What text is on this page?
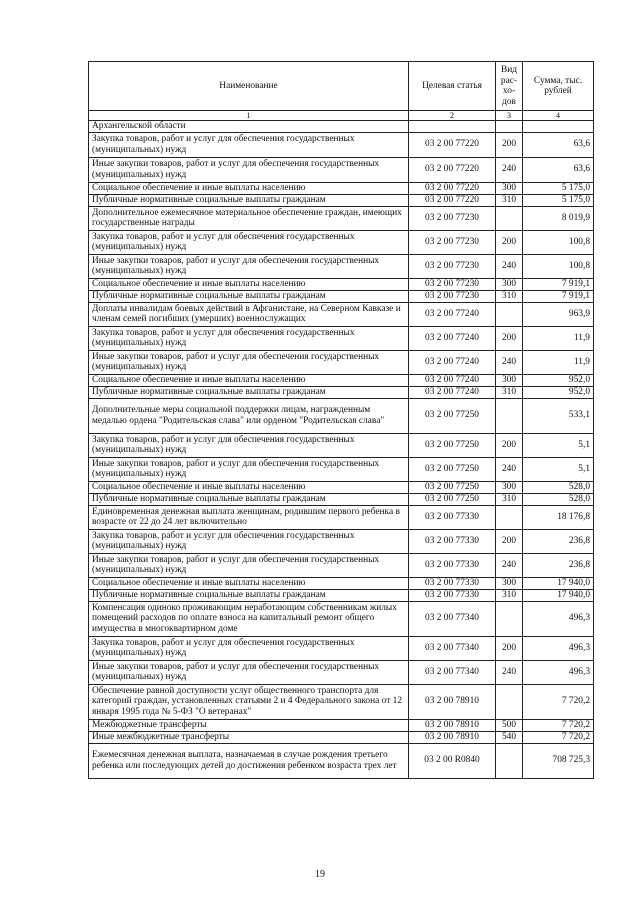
Наименование	Целевая статья	Вид рас-хо-дов	Сумма, тыс. рублей
1	2	3	4
Архангельской области			
Закупка товаров, работ и услуг для обеспечения государственных (муниципальных) нужд	03 2 00 77220	200	63,6
Иные закупки товаров, работ и услуг для обеспечения государственных (муниципальных) нужд	03 2 00 77220	240	63,6
Социальное обеспечение и иные выплаты населению	03 2 00 77220	300	5 175,0
Публичные нормативные социальные выплаты гражданам	03 2 00 77220	310	5 175,0
Дополнительное ежемесячное материальное обеспечение граждан, имеющих государственные награды	03 2 00 77230		8 019,9
Закупка товаров, работ и услуг для обеспечения государственных (муниципальных) нужд	03 2 00 77230	200	100,8
Иные закупки товаров, работ и услуг для обеспечения государственных (муниципальных) нужд	03 2 00 77230	240	100,8
Социальное обеспечение и иные выплаты населению	03 2 00 77230	300	7 919,1
Публичные нормативные социальные выплаты гражданам	03 2 00 77230	310	7 919,1
Доплаты инвалидам боевых действий в Афганистане, на Северном Кавказе и членам семей погибших (умерших) военнослужащих	03 2 00 77240		963,9
Закупка товаров, работ и услуг для обеспечения государственных (муниципальных) нужд	03 2 00 77240	200	11,9
Иные закупки товаров, работ и услуг для обеспечения государственных (муниципальных) нужд	03 2 00 77240	240	11,9
Социальное обеспечение и иные выплаты населению	03 2 00 77240	300	952,0
Публичные нормативные социальные выплаты гражданам	03 2 00 77240	310	952,0
Дополнительные меры социальной поддержки лицам, награжденным медалью ордена "Родительская слава" или орденом "Родительская слава"	03 2 00 77250		533,1
Закупка товаров, работ и услуг для обеспечения государственных (муниципальных) нужд	03 2 00 77250	200	5,1
Иные закупки товаров, работ и услуг для обеспечения государственных (муниципальных) нужд	03 2 00 77250	240	5,1
Социальное обеспечение и иные выплаты населению	03 2 00 77250	300	528,0
Публичные нормативные социальные выплаты гражданам	03 2 00 77250	310	528,0
Единовременная денежная выплата женщинам, родившим первого ребенка в возрасте от 22 до 24 лет включительно	03 2 00 77330		18 176,8
Закупка товаров, работ и услуг для обеспечения государственных (муниципальных) нужд	03 2 00 77330	200	236,8
Иные закупки товаров, работ и услуг для обеспечения государственных (муниципальных) нужд	03 2 00 77330	240	236,8
Социальное обеспечение и иные выплаты населению	03 2 00 77330	300	17 940,0
Публичные нормативные социальные выплаты гражданам	03 2 00 77330	310	17 940,0
Компенсация одиноко проживающим неработающим собственникам жилых помещений расходов по оплате взноса на капитальный ремонт общего имущества в многоквартирном доме	03 2 00 77340		496,3
Закупка товаров, работ и услуг для обеспечения государственных (муниципальных) нужд	03 2 00 77340	200	496,3
Иные закупки товаров, работ и услуг для обеспечения государственных (муниципальных) нужд	03 2 00 77340	240	496,3
Обеспечение равной доступности услуг общественного транспорта для категорий граждан, установленных статьями 2 и 4 Федерального закона от 12 января 1995 года № 5-ФЗ "О ветеранах"	03 2 00 78910		7 720,2
Межбюджетные трансферты	03 2 00 78910	500	7 720,2
Иные межбюджетные трансферты	03 2 00 78910	540	7 720,2
Ежемесячная денежная выплата, назначаемая в случае рождения третьего ребенка или последующих детей до достижения ребенком возраста трех лет	03 2 00 R0840		708 725,3
19
